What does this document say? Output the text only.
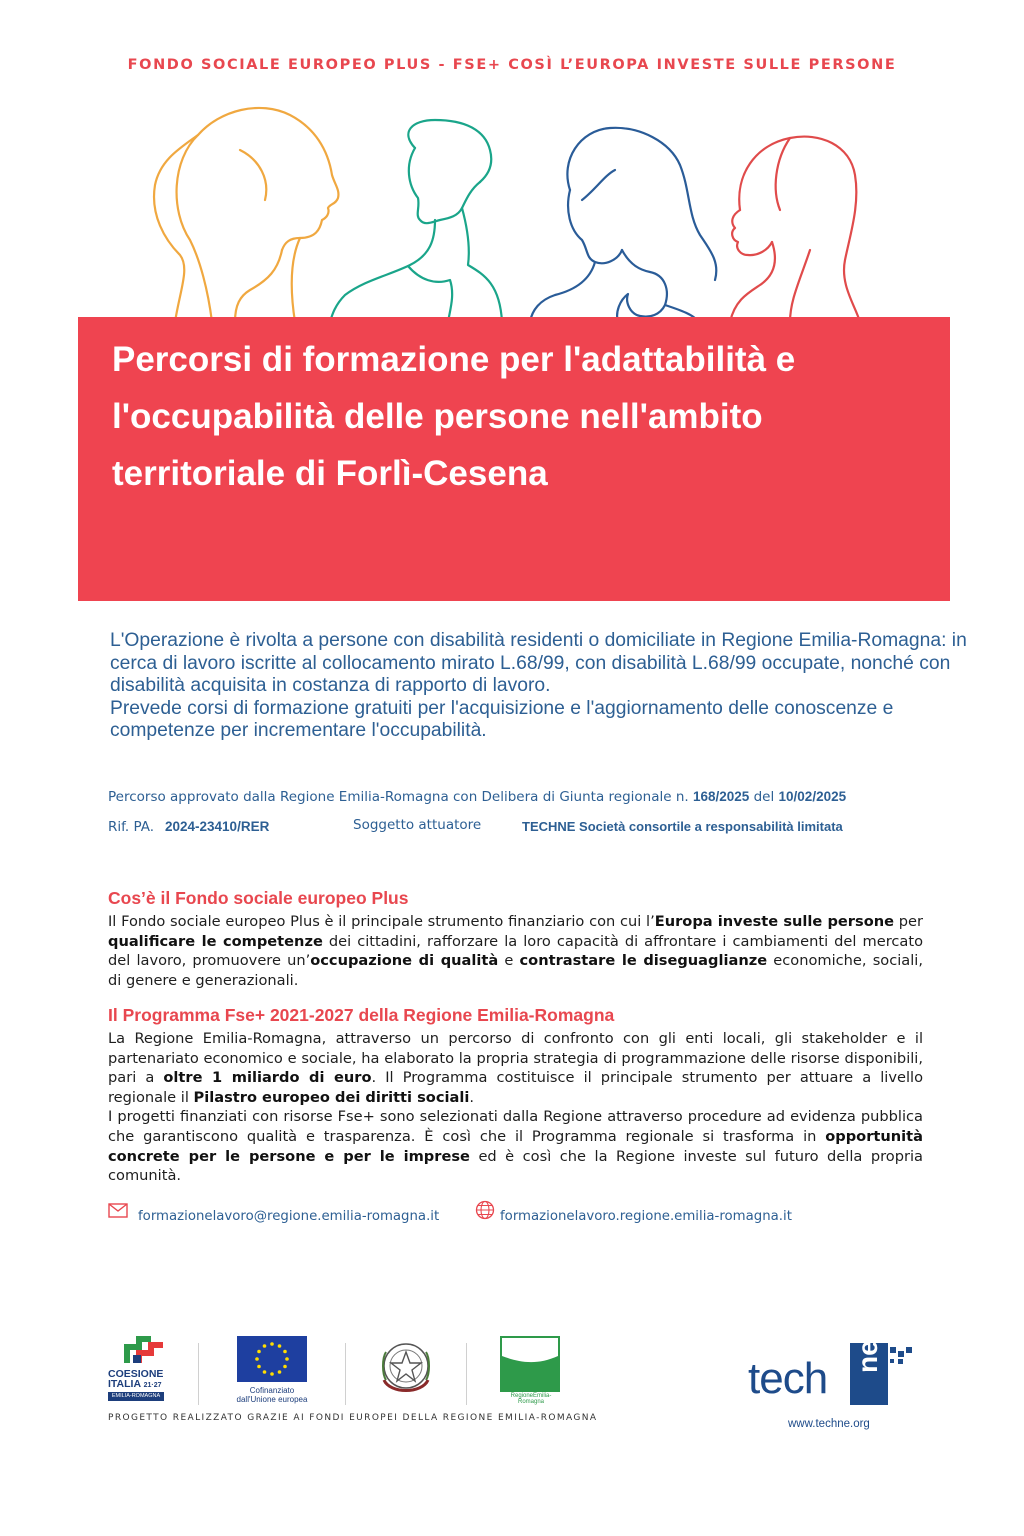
FONDO SOCIALE EUROPEO PLUS - FSE+ COSÌ L’EUROPA INVESTE SULLE PERSONE
Percorsi di formazione per l'adattabilità e
l'occupabilità delle persone nell'ambito
territoriale di Forlì-Cesena

L'Operazione è rivolta a persone con disabilità residenti o domiciliate in Regione Emilia-Romagna: in cerca di lavoro iscritte al collocamento mirato L.68/99, con disabilità L.68/99 occupate, nonché con disabilità acquisita in costanza di rapporto di lavoro.

Prevede corsi di formazione gratuiti per l'acquisizione e l'aggiornamento delle conoscenze e competenze per incrementare l'occupabilità.

Percorso approvato dalla Regione Emilia-Romagna con Delibera di Giunta regionale n. 168/2025 del 10/02/2025
Rif. PA. 2024-23410/RER	Soggetto attuatore	TECHNE Società consortile a responsabilità limitata
Cos’è il Fondo sociale europeo Plus

Il Fondo sociale europeo Plus è il principale strumento finanziario con cui l’Europa investe sulle persone per qualificare le competenze dei cittadini, rafforzare la loro capacità di affrontare i cambiamenti del mercato del lavoro, promuovere un’occupazione di qualità e contrastare le diseguaglianze economiche, sociali, di genere e generazionali.

Il Programma Fse+ 2021-2027 della Regione Emilia-Romagna

La Regione Emilia-Romagna, attraverso un percorso di confronto con gli enti locali, gli stakeholder e il partenariato economico e sociale, ha elaborato la propria strategia di programmazione delle risorse disponibili, pari a oltre 1 miliardo di euro. Il Programma costituisce il principale strumento per attuare a livello regionale il Pilastro europeo dei diritti sociali.

I progetti finanziati con risorse Fse+ sono selezionati dalla Regione attraverso procedure ad evidenza pubblica che garantiscono qualità e trasparenza. È così che il Programma regionale si trasforma in opportunità concrete per le persone e per le imprese ed è così che la Regione investe sul futuro della propria comunità.

formazionelavoro@regione.emilia-romagna.it	formazionelavoro.regione.emilia-romagna.it
COESIONE
ITALIA 21·27
EMILIA-ROMAGNA
Cofinanziato
dall'Unione europea	RegioneEmilia-Romagna	tech ne
www.techne.org
PROGETTO REALIZZATO GRAZIE AI FONDI EUROPEI DELLA REGIONE EMILIA-ROMAGNA
